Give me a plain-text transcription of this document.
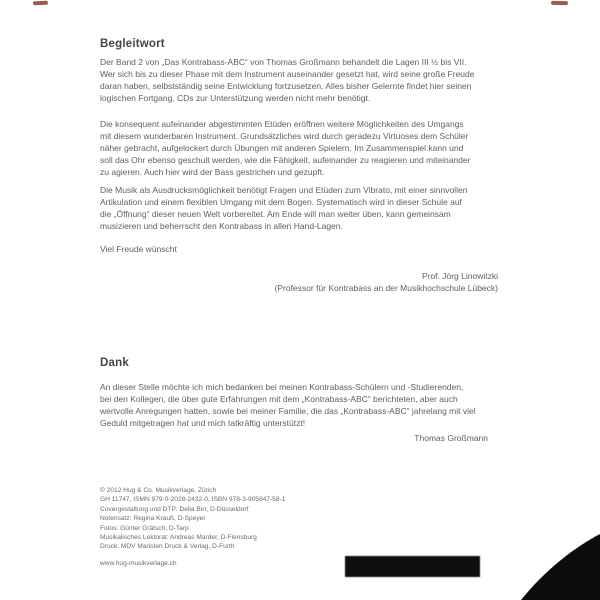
Begleitwort
Der Band 2 von „Das Kontrabass-ABC“ von Thomas Großmann behandelt die Lagen III ½ bis VII.
Wer sich bis zu dieser Phase mit dem Instrument auseinander gesetzt hat, wird seine große Freude
daran haben, selbstständig seine Entwicklung fortzusetzen. Alles bisher Gelernte findet hier seinen
logischen Fortgang, CDs zur Unterstützung werden nicht mehr benötigt.
Die konsequent aufeinander abgestimmten Etüden eröffnen weitere Möglichkeiten des Umgangs
mit diesem wunderbaren Instrument. Grundsätzliches wird durch geradezu Virtuoses dem Schüler
näher gebracht, aufgelockert durch Übungen mit anderen Spielern. Im Zusammenspiel kann und
soll das Ohr ebenso geschult werden, wie die Fähigkeit, aufeinander zu reagieren und miteinander
zu agieren. Auch hier wird der Bass gestrichen und gezupft.
Die Musik als Ausdrucksmöglichkeit benötigt Fragen und Etüden zum Vibrato, mit einer sinnvollen
Artikulation und einem flexiblen Umgang mit dem Bogen. Systematisch wird in dieser Schule auf
die „Öffnung“ dieser neuen Welt vorbereitet. Am Ende will man weiter üben, kann gemeinsam
musizieren und beherrscht den Kontrabass in allen Hand-Lagen.
Viel Freude wünscht
Prof. Jörg Linowitzki
(Professor für Kontrabass an der Musikhochschule Lübeck)
Dank
An dieser Stelle möchte ich mich bedanken bei meinen Kontrabass-Schülern und -Studierenden,
bei den Kollegen, die über gute Erfahrungen mit dem „Kontrabass-ABC“ berichteten, aber auch
wertvolle Anregungen hatten, sowie bei meiner Familie, die das „Kontrabass-ABC“ jahrelang mit viel
Geduld mitgetragen hat und mich tatkräftig unterstützt!
Thomas Großmann
© 2012 Hug & Co. Musikverlage, Zürich
GH 11747, ISMN 979-0-2028-2432-0, ISBN 978-3-905847-58-1
Covergestaltung und DTP: Delia Birr, D-Düsseldorf
Notensatz: Regina Krauß, D-Speyer
Fotos: Günter Grätsch, D-Tarp
Musikalisches Lektorat: Andreas Marder, D-Flensburg
Druck: MDV Maristen Druck & Verlag, D-Furth
www.hug-musikverlage.ch
